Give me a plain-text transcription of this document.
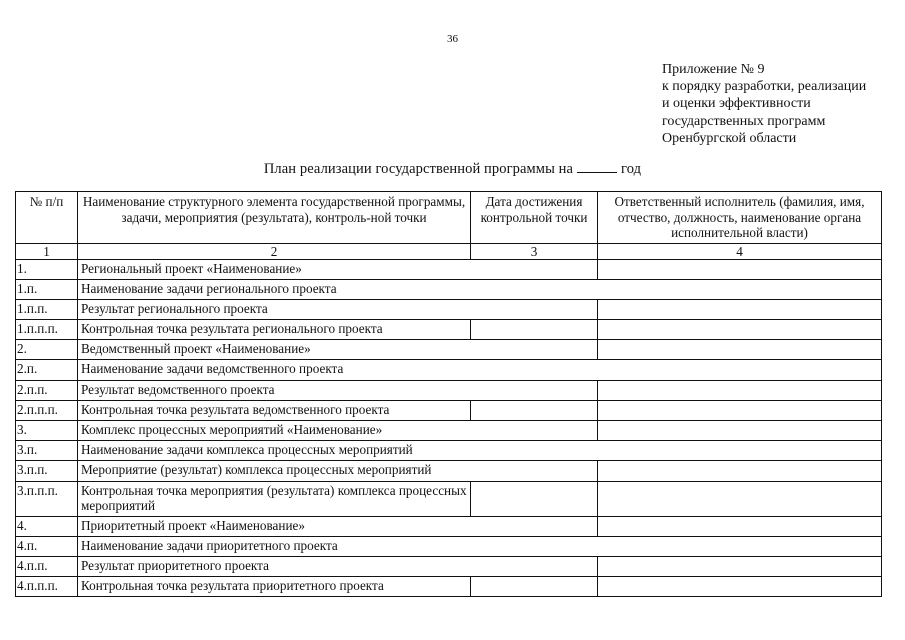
36
Приложение № 9
к порядку разработки, реализации
и оценки эффективности
государственных программ
Оренбургской области
План реализации государственной программы на	год
№ п/п	Наименование структурного элемента государственной программы, задачи, мероприятия (результата), контроль-ной точки	Дата достижения контрольной точки	Ответственный исполнитель (фамилия, имя, отчество, должность, наименование органа исполнительной власти)
1	2	3	4
1.	Региональный проект «Наименование»		
1.п.	Наименование задачи регионального проекта		
1.п.п.	Результат регионального проекта		
1.п.п.п.	Контрольная точка результата регионального проекта		
2.	Ведомственный проект «Наименование»		
2.п.	Наименование задачи ведомственного проекта		
2.п.п.	Результат ведомственного проекта		
2.п.п.п.	Контрольная точка результата ведомственного проекта		
3.	Комплекс процессных мероприятий «Наименование»		
3.п.	Наименование задачи комплекса процессных мероприятий		
3.п.п.	Мероприятие (результат) комплекса процессных мероприятий		
3.п.п.п.	Контрольная точка мероприятия (результата) комплекса процессных мероприятий		
4.	Приоритетный проект «Наименование»		
4.п.	Наименование задачи приоритетного проекта		
4.п.п.	Результат приоритетного проекта		
4.п.п.п.	Контрольная точка результата приоритетного проекта		
